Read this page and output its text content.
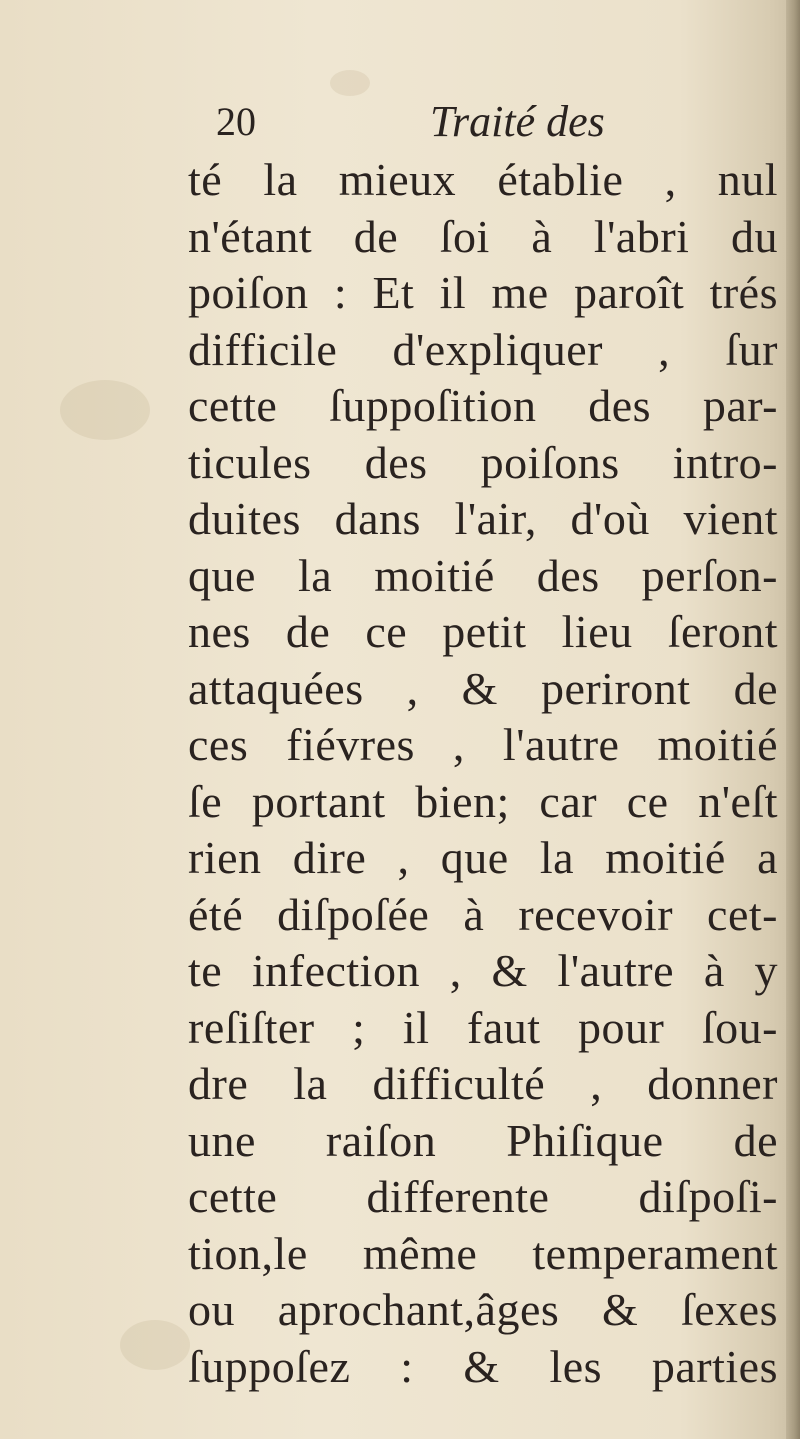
20	Traité des
té la mieux établie , nul
n'étant de ſoi à l'abri du
poiſon : Et il me paroît trés
difficile d'expliquer , ſur
cette ſuppoſition des par-
ticules des poiſons intro-
duites dans l'air, d'où vient
que la moitié des perſon-
nes de ce petit lieu ſeront
attaquées , & periront de
ces fiévres , l'autre moitié
ſe portant bien; car ce n'eſt
rien dire , que la moitié a
été diſpoſée à recevoir cet-
te infection , & l'autre à y
reſiſter ; il faut pour ſou-
dre la difficulté , donner
une raiſon Phiſique de
cette differente diſpoſi-
tion,le même temperament
ou aprochant,âges & ſexes
ſuppoſez : & les parties
